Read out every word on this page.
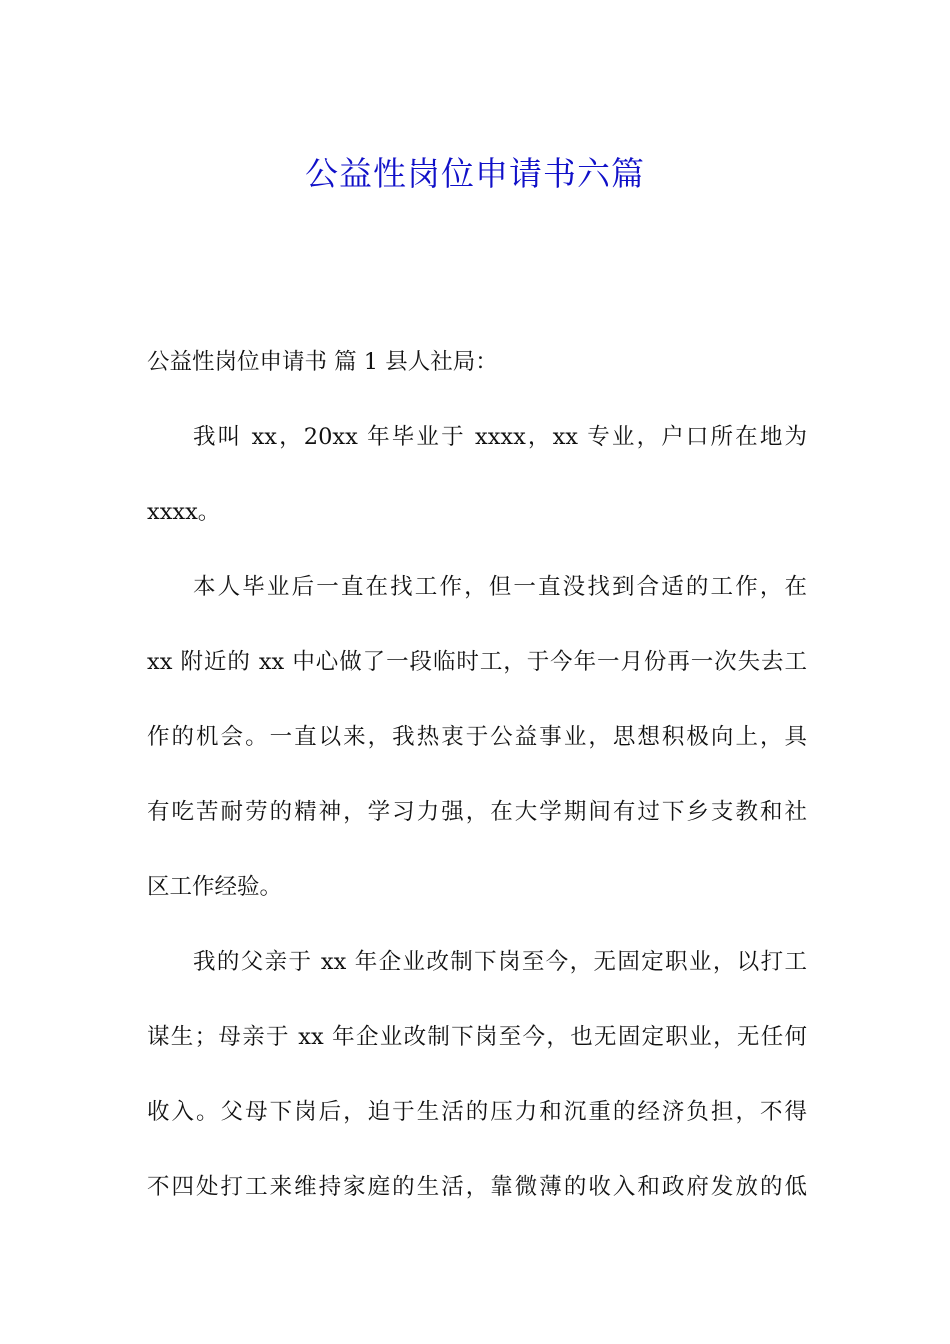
公益性岗位申请书六篇
公益性岗位申请书 篇 1 县人社局：
我叫 xx，20xx 年毕业于 xxxx，xx 专业，户口所在地为
xxxx。
本人毕业后一直在找工作，但一直没找到合适的工作，在
xx 附近的 xx 中心做了一段临时工，于今年一月份再一次失去工
作的机会。一直以来，我热衷于公益事业，思想积极向上，具
有吃苦耐劳的精神，学习力强，在大学期间有过下乡支教和社
区工作经验。
我的父亲于 xx 年企业改制下岗至今，无固定职业，以打工
谋生；母亲于 xx 年企业改制下岗至今，也无固定职业，无任何
收入。父母下岗后，迫于生活的压力和沉重的经济负担，不得
不四处打工来维持家庭的生活，靠微薄的收入和政府发放的低
